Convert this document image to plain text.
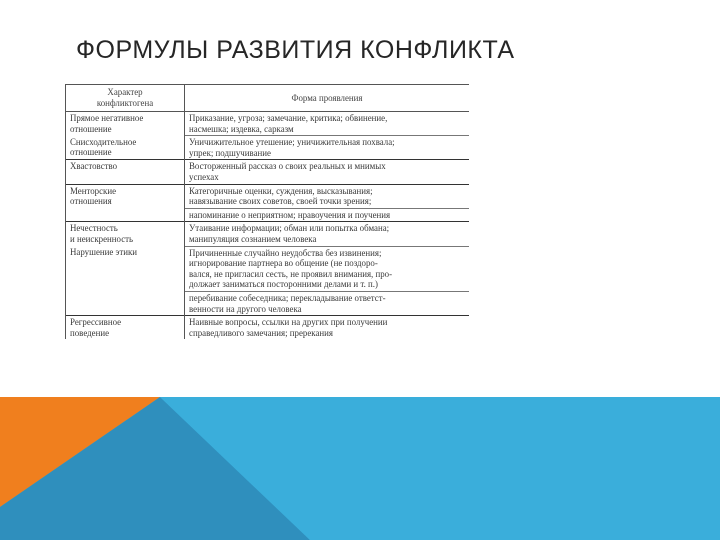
ФОРМУЛЫ РАЗВИТИЯ КОНФЛИКТА
Характер
конфликтогена	Форма проявления

Прямое негативное
отношение	Приказание, угроза; замечание, критика; обвинение,
насмешка; издевка, сарказм

Снисходительное
отношение	Уничижительное утешение; уничижительная похвала;
упрек; подшучивание

Хвастовство	Восторженный рассказ о своих реальных и мнимых
успехах

Менторские
отношения	Категоричные оценки, суждения, высказывания;
навязывание своих советов, своей точки зрения;

	напоминание о неприятном; нравоучения и поучения

Нечестность
и неискренность	Утаивание информации; обман или попытка обмана;
манипуляция сознанием человека

Нарушение этики	Причиненные случайно неудобства без извинения;
игнорирование партнера во общение (не поздоро-
вался, не пригласил сесть, не проявил внимания, про-
должает заниматься посторонними делами и т. п.)

	перебивание собеседника; перекладывание ответст-
венности на другого человека

Регрессивное
поведение	Наивные вопросы, ссылки на других при получении
справедливого замечания; пререкания
